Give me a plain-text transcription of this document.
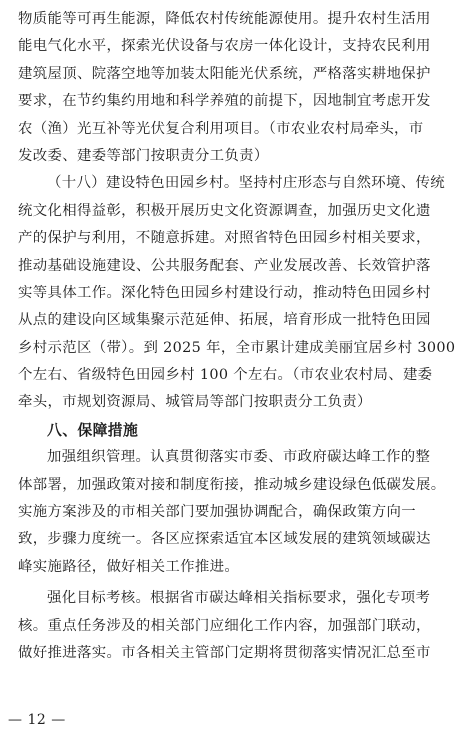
物质能等可再生能源，降低农村传统能源使用。提升农村生活用
能电气化水平，探索光伏设备与农房一体化设计，支持农民利用
建筑屋顶、院落空地等加装太阳能光伏系统，严格落实耕地保护
要求，在节约集约用地和科学养殖的前提下，因地制宜考虑开发
农（渔）光互补等光伏复合利用项目。（市农业农村局牵头，市
发改委、建委等部门按职责分工负责）
（十八）建设特色田园乡村。坚持村庄形态与自然环境、传统
统文化相得益彰，积极开展历史文化资源调查，加强历史文化遗
产的保护与利用，不随意拆建。对照省特色田园乡村相关要求，
推动基础设施建设、公共服务配套、产业发展改善、长效管护落
实等具体工作。深化特色田园乡村建设行动，推动特色田园乡村
从点的建设向区域集聚示范延伸、拓展，培育形成一批特色田园
乡村示范区（带）。到 2025 年，全市累计建成美丽宜居乡村 3000
个左右、省级特色田园乡村 100 个左右。（市农业农村局、建委
牵头，市规划资源局、城管局等部门按职责分工负责）
八、保障措施
加强组织管理。认真贯彻落实市委、市政府碳达峰工作的整
体部署，加强政策对接和制度衔接，推动城乡建设绿色低碳发展。
实施方案涉及的市相关部门要加强协调配合，确保政策方向一
致，步骤力度统一。各区应探索适宜本区域发展的建筑领域碳达
峰实施路径，做好相关工作推进。
强化目标考核。根据省市碳达峰相关指标要求，强化专项考
核。重点任务涉及的相关部门应细化工作内容，加强部门联动，
做好推进落实。市各相关主管部门定期将贯彻落实情况汇总至市
— 12 —
